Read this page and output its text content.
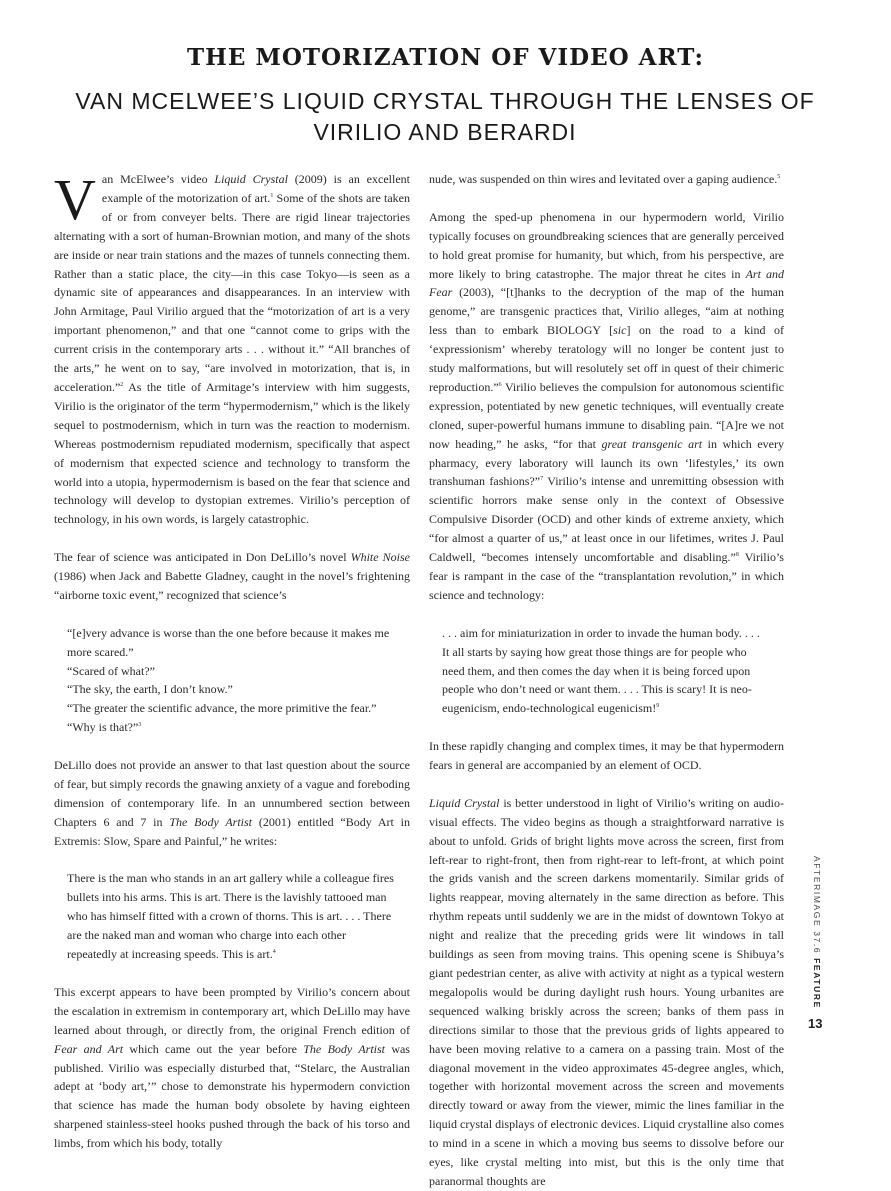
THE MOTORIZATION OF VIDEO ART:
VAN MCELWEE’S LIQUID CRYSTAL THROUGH THE LENSES OF VIRILIO AND BERARDI

Van McElwee’s video Liquid Crystal (2009) is an excellent example of the motorization of art.$^1$ Some of the shots are taken of or from conveyer belts. There are rigid linear trajectories alternating with a sort of human-Brownian motion, and many of the shots are inside or near train stations and the mazes of tunnels connecting them. Rather than a static place, the city—in this case Tokyo—is seen as a dynamic site of appearances and disappearances. In an interview with John Armitage, Paul Virilio argued that the “motorization of art is a very important phenomenon,” and that one “cannot come to grips with the current crisis in the contemporary arts . . . without it.” “All branches of the arts,” he went on to say, “are involved in motorization, that is, in acceleration.”$^2$ As the title of Armitage’s interview with him suggests, Virilio is the originator of the term “hypermodernism,” which is the likely sequel to postmodernism, which in turn was the reaction to modernism. Whereas postmodernism repudiated modernism, specifically that aspect of modernism that expected science and technology to transform the world into a utopia, hypermodernism is based on the fear that science and technology will develop to dystopian extremes. Virilio’s perception of technology, in his own words, is largely catastrophic.

The fear of science was anticipated in Don DeLillo’s novel White Noise (1986) when Jack and Babette Gladney, caught in the novel’s frightening “airborne toxic event,” recognized that science’s

“[e]very advance is worse than the one before because it makes me more scared.”

“Scared of what?”

“The sky, the earth, I don’t know.”

“The greater the scientific advance, the more primitive the fear.”

“Why is that?”$^3$

DeLillo does not provide an answer to that last question about the source of fear, but simply records the gnawing anxiety of a vague and foreboding dimension of contemporary life. In an unnumbered section between Chapters 6 and 7 in The Body Artist (2001) entitled “Body Art in Extremis: Slow, Spare and Painful,” he writes:

There is the man who stands in an art gallery while a colleague fires bullets into his arms. This is art. There is the lavishly tattooed man who has himself fitted with a crown of thorns. This is art. . . . There are the naked man and woman who charge into each other repeatedly at increasing speeds. This is art.$^4$

This excerpt appears to have been prompted by Virilio’s concern about the escalation in extremism in contemporary art, which DeLillo may have learned about through, or directly from, the original French edition of Fear and Art which came out the year before The Body Artist was published. Virilio was especially disturbed that, “Stelarc, the Australian adept at ‘body art,’” chose to demonstrate his hypermodern conviction that science has made the human body obsolete by having eighteen sharpened stainless-steel hooks pushed through the back of his torso and limbs, from which his body, totally

nude, was suspended on thin wires and levitated over a gaping audience.$^5$

Among the sped-up phenomena in our hypermodern world, Virilio typically focuses on groundbreaking sciences that are generally perceived to hold great promise for humanity, but which, from his perspective, are more likely to bring catastrophe. The major threat he cites in Art and Fear (2003), “[t]hanks to the decryption of the map of the human genome,” are transgenic practices that, Virilio alleges, “aim at nothing less than to embark BIOLOGY [sic] on the road to a kind of ‘expressionism’ whereby teratology will no longer be content just to study malformations, but will resolutely set off in quest of their chimeric reproduction.”$^6$ Virilio believes the compulsion for autonomous scientific expression, potentiated by new genetic techniques, will eventually create cloned, super-powerful humans immune to disabling pain. “[A]re we not now heading,” he asks, “for that great transgenic art in which every pharmacy, every laboratory will launch its own ‘lifestyles,’ its own transhuman fashions?”$^7$ Virilio’s intense and unremitting obsession with scientific horrors make sense only in the context of Obsessive Compulsive Disorder (OCD) and other kinds of extreme anxiety, which “for almost a quarter of us,” at least once in our lifetimes, writes J. Paul Caldwell, “becomes intensely uncomfortable and disabling.”$^8$ Virilio’s fear is rampant in the case of the “transplantation revolution,” in which science and technology:

. . . aim for miniaturization in order to invade the human body. . . . It all starts by saying how great those things are for people who need them, and then comes the day when it is being forced upon people who don’t need or want them. . . . This is scary! It is neo-eugenicism, endo-technological eugenicism!$^9$

In these rapidly changing and complex times, it may be that hypermodern fears in general are accompanied by an element of OCD.

Liquid Crystal is better understood in light of Virilio’s writing on audio-visual effects. The video begins as though a straightforward narrative is about to unfold. Grids of bright lights move across the screen, first from left-rear to right-front, then from right-rear to left-front, at which point the grids vanish and the screen darkens momentarily. Similar grids of lights reappear, moving alternately in the same direction as before. This rhythm repeats until suddenly we are in the midst of downtown Tokyo at night and realize that the preceding grids were lit windows in tall buildings as seen from moving trains. This opening scene is Shibuya’s giant pedestrian center, as alive with activity at night as a typical western megalopolis would be during daylight rush hours. Young urbanites are sequenced walking briskly across the screen; banks of them pass in directions similar to those that the previous grids of lights appeared to have been moving relative to a camera on a passing train. Most of the diagonal movement in the video approximates 45-degree angles, which, together with horizontal movement across the screen and movements directly toward or away from the viewer, mimic the lines familiar in the liquid crystal displays of electronic devices. Liquid crystalline also comes to mind in a scene in which a moving bus seems to dissolve before our eyes, like crystal melting into mist, but this is the only time that paranormal thoughts are

AFTERIMAGE 37.6 FEATURE
13
